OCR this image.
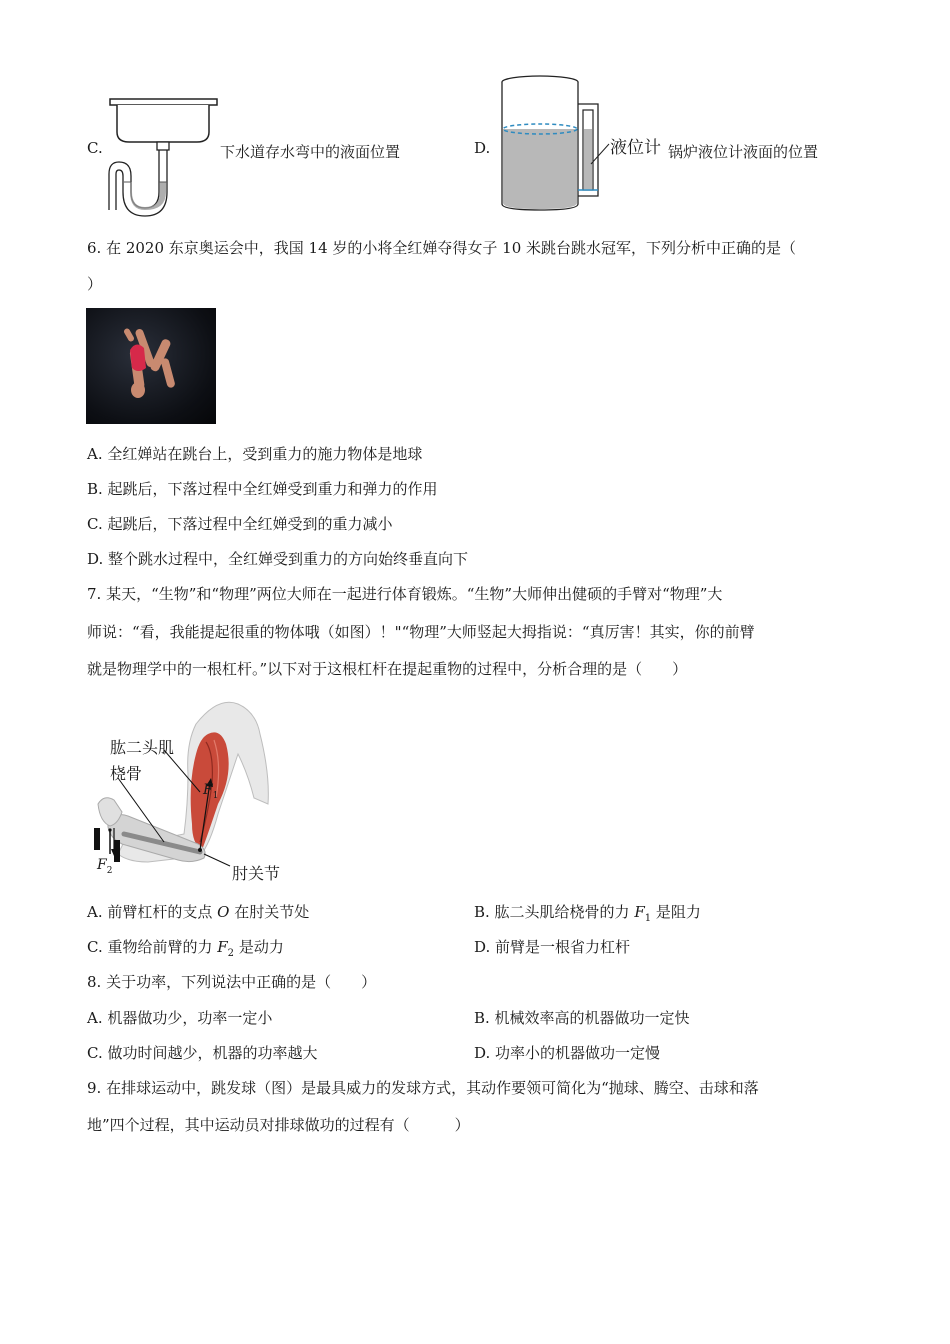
C.	下水道存水弯中的液面位置	D.	液位计 锅炉液位计液面的位置
6. 在 2020 东京奥运会中，我国 14 岁的小将全红婵夺得女子 10 米跳台跳水冠军，下列分析中正确的是（
）
A. 全红婵站在跳台上，受到重力的施力物体是地球
B. 起跳后，下落过程中全红婵受到重力和弹力的作用
C. 起跳后，下落过程中全红婵受到的重力减小
D. 整个跳水过程中，全红婵受到重力的方向始终垂直向下
7. 某天，“生物”和“物理”两位大师在一起进行体育锻炼。“生物”大师伸出健硕的手臂对“物理”大
师说：“看，我能提起很重的物体哦（如图）！"“物理”大师竖起大拇指说：“真厉害！其实，你的前臂
就是物理学中的一根杠杆。”以下对于这根杠杆在提起重物的过程中，分析合理的是（　　）
肱二头肌
桡骨
肘关节
$F_1$
$F_2$
A. 前臂杠杆的支点 O 在肘关节处	B. 肱二头肌给桡骨的力 $F_1$ 是阻力
C. 重物给前臂的力 $F_2$ 是动力	D. 前臂是一根省力杠杆
8. 关于功率，下列说法中正确的是（　　）
A. 机器做功少，功率一定小	B. 机械效率高的机器做功一定快
C. 做功时间越少，机器的功率越大	D. 功率小的机器做功一定慢
9. 在排球运动中，跳发球（图）是最具威力的发球方式，其动作要领可简化为“抛球、腾空、击球和落
地”四个过程，其中运动员对排球做功的过程有（　　　）
